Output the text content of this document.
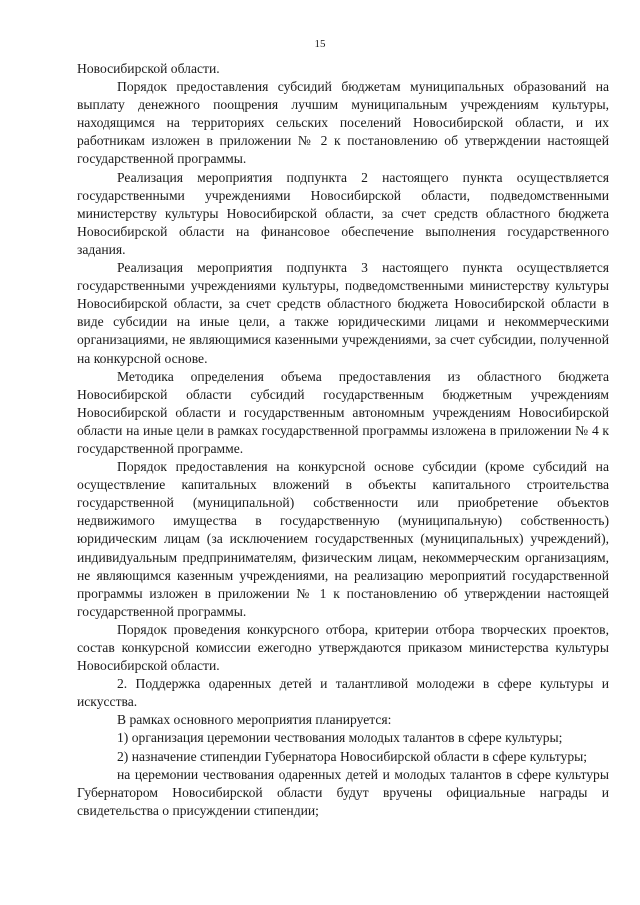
15

Новосибирской области.

Порядок предоставления субсидий бюджетам муниципальных образований на выплату денежного поощрения лучшим муниципальным учреждениям культуры, находящимся на территориях сельских поселений Новосибирской области, и их работникам изложен в приложении № 2 к постановлению об утверждении настоящей государственной программы.

Реализация мероприятия подпункта 2 настоящего пункта осуществляется государственными учреждениями Новосибирской области, подведомственными министерству культуры Новосибирской области, за счет средств областного бюджета Новосибирской области на финансовое обеспечение выполнения государственного задания.

Реализация мероприятия подпункта 3 настоящего пункта осуществляется государственными учреждениями культуры, подведомственными министерству культуры Новосибирской области, за счет средств областного бюджета Новосибирской области в виде субсидии на иные цели, а также юридическими лицами и некоммерческими организациями, не являющимися казенными учреждениями, за счет субсидии, полученной на конкурсной основе.

Методика определения объема предоставления из областного бюджета Новосибирской области субсидий государственным бюджетным учреждениям Новосибирской области и государственным автономным учреждениям Новосибирской области на иные цели в рамках государственной программы изложена в приложении № 4 к государственной программе.

Порядок предоставления на конкурсной основе субсидии (кроме субсидий на осуществление капитальных вложений в объекты капитального строительства государственной (муниципальной) собственности или приобретение объектов недвижимого имущества в государственную (муниципальную) собственность) юридическим лицам (за исключением государственных (муниципальных) учреждений), индивидуальным предпринимателям, физическим лицам, некоммерческим организациям, не являющимся казенным учреждениями, на реализацию мероприятий государственной программы изложен в приложении № 1 к постановлению об утверждении настоящей государственной программы.

Порядок проведения конкурсного отбора, критерии отбора творческих проектов, состав конкурсной комиссии ежегодно утверждаются приказом министерства культуры Новосибирской области.

2. Поддержка одаренных детей и талантливой молодежи в сфере культуры и искусства.

В рамках основного мероприятия планируется:

1) организация церемонии чествования молодых талантов в сфере культуры;

2) назначение стипендии Губернатора Новосибирской области в сфере культуры;

на церемонии чествования одаренных детей и молодых талантов в сфере культуры Губернатором Новосибирской области будут вручены официальные награды и свидетельства о присуждении стипендии;
